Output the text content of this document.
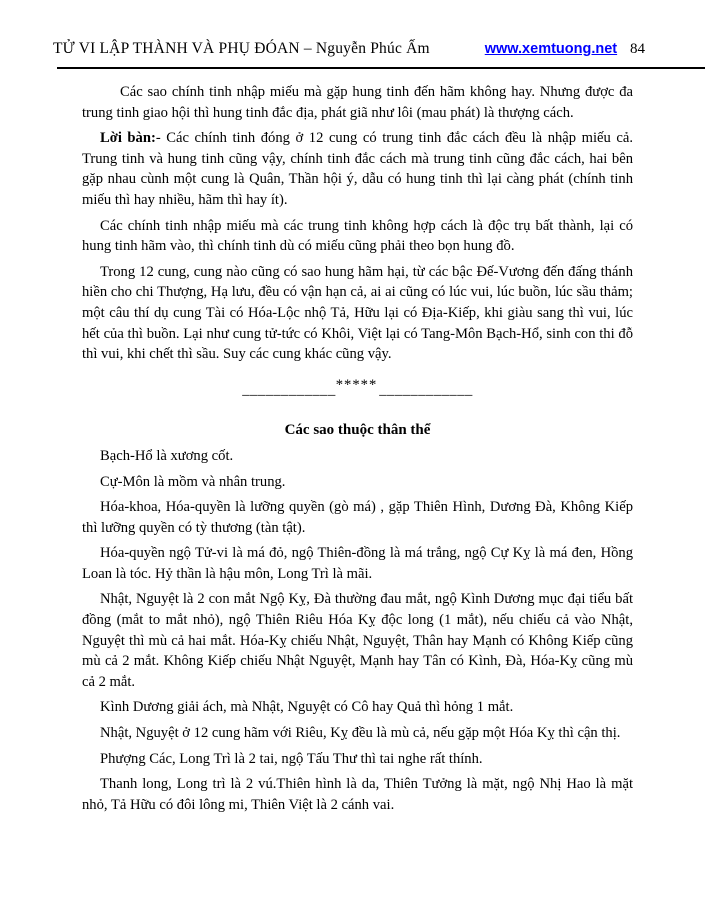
TỬ VI LẬP THÀNH VÀ PHỤ ĐÓAN – Nguyễn Phúc Ấm	www.xemtuong.net 84

Các sao chính tinh nhập miếu mà gặp hung tinh đến hãm không hay. Nhưng được đa trung tinh giao hội thì hung tinh đắc địa, phát giã như lôi (mau phát) là thượng cách.

Lời bàn:- Các chính tinh đóng ở 12 cung có trung tinh đắc cách đều là nhập miếu cả. Trung tinh và hung tinh cũng vậy, chính tinh đắc cách mà trung tinh cũng đắc cách, hai bên gặp nhau cùnh một cung là Quân, Thần hội ý, dẫu có hung tinh thì lại càng phát (chính tinh miếu thì hay nhiều, hãm thì hay ít).

Các chính tinh nhập miếu mà các trung tinh không hợp cách là độc trụ bất thành, lại có hung tinh hãm vào, thì chính tinh dù có miếu cũng phải theo bọn hung đồ.

Trong 12 cung, cung nào cũng có sao hung hãm hại, từ các bậc Đế-Vương đến đấng thánh hiền cho chi Thượng, Hạ lưu, đều có vận hạn cả, ai ai cũng có lúc vui, lúc buồn, lúc sầu thảm; một câu thí dụ cung Tài có Hóa-Lộc nhộ Tả, Hữu lại có Địa-Kiếp, khi giàu sang thì vui, lúc hết của thì buồn. Lại như cung tử-tức có Khôi, Việt lại có Tang-Môn Bạch-Hổ, sinh con thi đỗ thì vui, khi chết thì sầu. Suy các cung khác cũng vậy.

____________***** ____________

Các sao thuộc thân thể

Bạch-Hổ là xương cốt.

Cự-Môn là mồm và nhân trung.

Hóa-khoa, Hóa-quyền là lưỡng quyền (gò má) , gặp Thiên Hình, Dương Đà, Không Kiếp thì lưỡng quyền có tỳ thương (tàn tật).

Hóa-quyền ngộ Tử-vi là má đỏ, ngộ Thiên-đồng là má trắng, ngộ Cự Kỵ là má đen, Hồng Loan là tóc. Hỷ thần là hậu môn, Long Trì là mãi.

Nhật, Nguyệt là 2 con mắt Ngộ Kỵ, Đà thường đau mắt, ngộ Kình Dương mục đại tiểu bất đồng (mắt to mắt nhỏ), ngộ Thiên Riêu Hóa Kỵ độc long (1 mắt), nếu chiếu cả vào Nhật, Nguyệt thì mù cả hai mắt. Hóa-Kỵ chiếu Nhật, Nguyệt, Thân hay Mạnh có Không Kiếp cũng mù cả 2 mắt. Không Kiếp chiếu Nhật Nguyệt, Mạnh hay Tân có Kình, Đà, Hóa-Kỵ cũng mù cả 2 mắt.

Kình Dương giải ách, mà Nhật, Nguyệt có Cô hay Quả thì hỏng 1 mắt.

Nhật, Nguyệt ở 12 cung hãm với Riêu, Kỵ đều là mù cả, nếu gặp một Hóa Kỵ thì cận thị.

Phượng Các, Long Trì là 2 tai, ngộ Tấu Thư thì tai nghe rất thính.

Thanh long, Long trì là 2 vú.Thiên hình là da, Thiên Tưởng là mặt, ngộ Nhị Hao là mặt nhỏ, Tả Hữu có đôi lông mi, Thiên Việt là 2 cánh vai.
